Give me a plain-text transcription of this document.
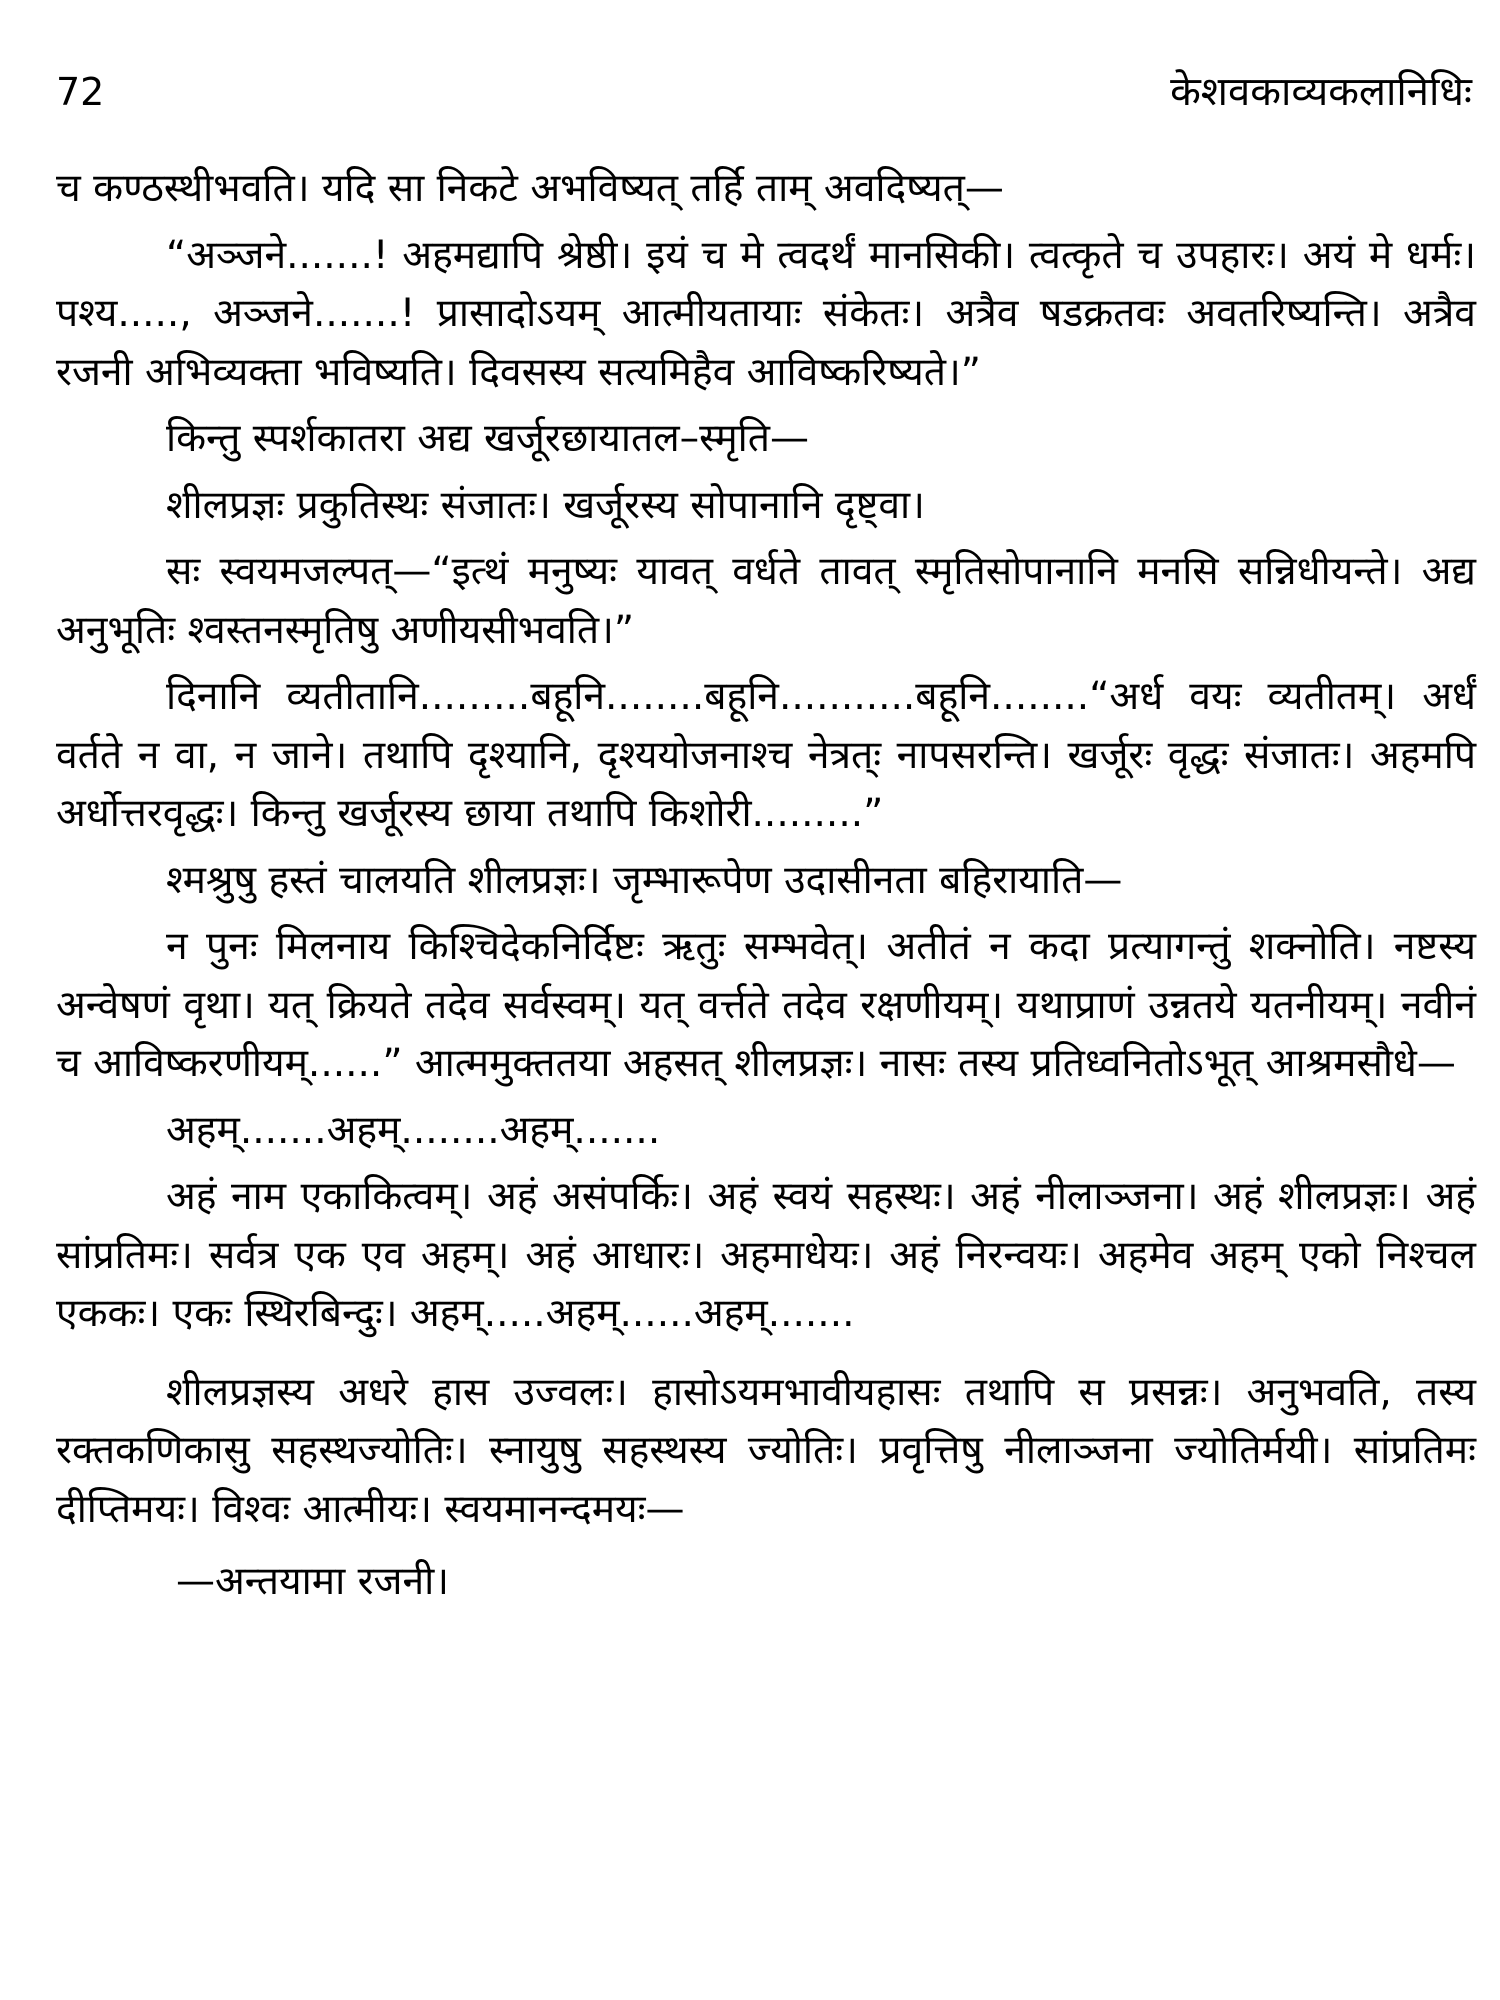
72	केशवकाव्यकलानिधिः

च कण्ठस्थीभवति। यदि सा निकटे अभविष्यत् तर्हि ताम् अवदिष्यत्—

“अञ्जने.......! अहमद्यापि श्रेष्ठी। इयं च मे त्वदर्थं मानसिकी। त्वत्कृते च उपहारः। अयं मे धर्मः। पश्य....., अञ्जने.......! प्रासादोऽयम् आत्मीयतायाः संकेतः। अत्रैव षडक्रतवः अवतरिष्यन्ति। अत्रैव रजनी अभिव्यक्ता भविष्यति। दिवसस्य सत्यमिहैव आविष्करिष्यते।”

किन्तु स्पर्शकातरा अद्य खर्जूरछायातल–स्मृति—

शीलप्रज्ञः प्रकुतिस्थः संजातः। खर्जूरस्य सोपानानि दृष्ट्वा।

सः स्वयमजल्पत्—“इत्थं मनुष्यः यावत् वर्धते तावत् स्मृतिसोपानानि मनसि सन्निधीयन्ते। अद्य अनुभूतिः श्वस्तनस्मृतिषु अणीयसीभवति।”

दिनानि व्यतीतानि.........बहूनि........बहूनि...........बहूनि........“अर्ध वयः व्यतीतम्। अर्धं वर्तते न वा, न जाने। तथापि दृश्यानि, दृश्ययोजनाश्च नेत्रत्ः नापसरन्ति। खर्जूरः वृद्धः संजातः। अहमपि अर्धोत्तरवृद्धः। किन्तु खर्जूरस्य छाया तथापि किशोरी.........”

श्मश्रुषु हस्तं चालयति शीलप्रज्ञः। जृम्भारूपेण उदासीनता बहिरायाति—

न पुनः मिलनाय किश्चिदेकनिर्दिष्टः ऋतुः सम्भवेत्। अतीतं न कदा प्रत्यागन्तुं शक्नोति। नष्टस्य अन्वेषणं वृथा। यत् क्रियते तदेव सर्वस्वम्। यत् वर्त्तते तदेव रक्षणीयम्। यथाप्राणं उन्नतये यतनीयम्। नवीनं च आविष्करणीयम्......” आत्ममुक्ततया अहसत् शीलप्रज्ञः। नासः तस्य प्रतिध्वनितोऽभूत् आश्रमसौधे—

अहम्.......अहम्........अहम्.......

अहं नाम एकाकित्वम्। अहं असंपर्किः। अहं स्वयं सहस्थः। अहं नीलाञ्जना। अहं शीलप्रज्ञः। अहं सांप्रतिमः। सर्वत्र एक एव अहम्। अहं आधारः। अहमाधेयः। अहं निरन्वयः। अहमेव अहम् एको निश्चल एककः। एकः स्थिरबिन्दुः। अहम्.....अहम्......अहम्.......

शीलप्रज्ञस्य अधरे हास उज्वलः। हासोऽयमभावीयहासः तथापि स प्रसन्नः। अनुभवति, तस्य रक्तकणिकासु सहस्थज्योतिः। स्नायुषु सहस्थस्य ज्योतिः। प्रवृत्तिषु नीलाञ्जना ज्योतिर्मयी। सांप्रतिमः दीप्तिमयः। विश्वः आत्मीयः। स्वयमानन्दमयः—

—अन्तयामा रजनी।
